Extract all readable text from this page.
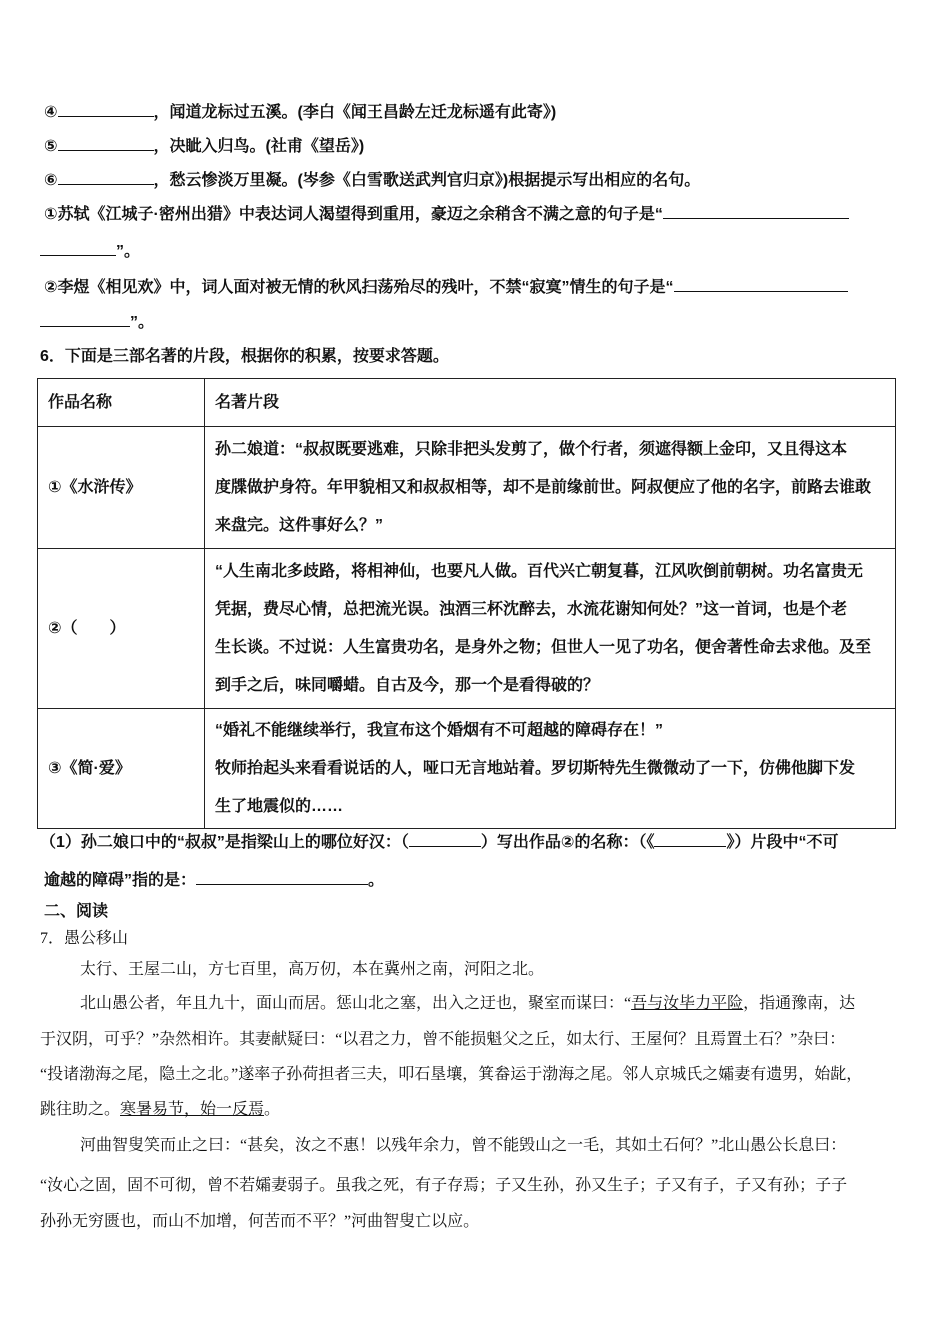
④	，闻道龙标过五溪。(李白《闻王昌龄左迁龙标遥有此寄》)
⑤	，决眦入归鸟。(社甫《望岳》)
⑥	，愁云惨淡万里凝。(岑参《白雪歌送武判官归京》)根据提示写出相应的名句。
①苏轼《江城子·密州出猎》中表达词人渴望得到重用，豪迈之余稍含不满之意的句子是“
”。
②李煜《相见欢》中，词人面对被无情的秋风扫荡殆尽的残叶，不禁“寂寞”情生的句子是“
”。
6．下面是三部名著的片段，根据你的积累，按要求答题。
作品名称	名著片段
①《水浒传》	孙二娘道：“叔叔既要逃难，只除非把头发剪了，做个行者，须遮得额上金印，又且得这本
度牒做护身符。年甲貌相又和叔叔相等，却不是前缘前世。阿叔便应了他的名字，前路去谁敢
来盘完。这件事好么？”

②（　　）	“人生南北多歧路，将相神仙，也要凡人做。百代兴亡朝复暮，江风吹倒前朝树。功名富贵无
凭据，费尽心情，总把流光误。浊酒三杯沈醉去，水流花谢知何处？”这一首词，也是个老
生长谈。不过说：人生富贵功名，是身外之物；但世人一见了功名，便舍著性命去求他。及至
到手之后，味同嚼蜡。自古及今，那一个是看得破的？

③《简·爱》	“婚礼不能继续举行，我宣布这个婚烟有不可超越的障碍存在！”
牧师抬起头来看看说话的人，哑口无言地站着。罗切斯特先生微微动了一下，仿佛他脚下发
生了地震似的……
（1）孙二娘口中的“叔叔”是指梁山上的哪位好汉：（	）写出作品②的名称：（《	》）片段中“不可
逾越的障碍”指的是：	。
二、阅读
7．愚公移山
太行、王屋二山，方七百里，高万仞，本在冀州之南，河阳之北。
北山愚公者，年且九十，面山而居。惩山北之塞，出入之迂也，聚室而谋曰：“吾与汝毕力平险，指通豫南，达
于汉阴，可乎？”杂然相许。其妻献疑曰：“以君之力，曾不能损魁父之丘，如太行、王屋何？且焉置土石？”杂曰：
“投诸渤海之尾，隐土之北。”遂率子孙荷担者三夫，叩石垦壤，箕畚运于渤海之尾。邻人京城氏之孀妻有遗男，始龀，
跳往助之。寒暑易节，始一反焉。
河曲智叟笑而止之曰：“甚矣，汝之不惠！以残年余力，曾不能毁山之一毛，其如土石何？”北山愚公长息曰：
“汝心之固，固不可彻，曾不若孀妻弱子。虽我之死，有子存焉；子又生孙，孙又生子；子又有子，子又有孙；子子
孙孙无穷匮也，而山不加增，何苦而不平？”河曲智叟亡以应。
